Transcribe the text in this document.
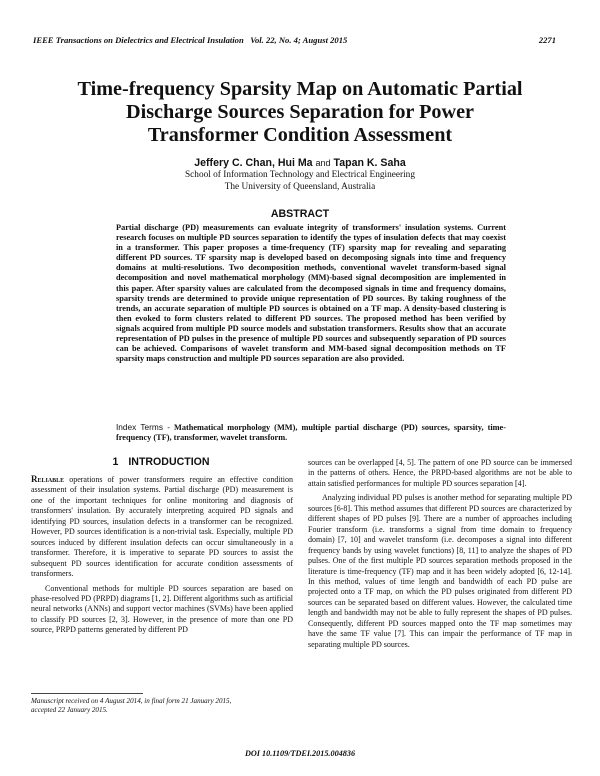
IEEE Transactions on Dielectrics and Electrical Insulation Vol. 22, No. 4; August 2015	2271
Time-frequency Sparsity Map on Automatic Partial
Discharge Sources Separation for Power
Transformer Condition Assessment
Jeffery C. Chan, Hui Ma and Tapan K. Saha
School of Information Technology and Electrical Engineering
The University of Queensland, Australia
ABSTRACT
Partial discharge (PD) measurements can evaluate integrity of transformers' insulation systems. Current research focuses on multiple PD sources separation to identify the types of insulation defects that may coexist in a transformer. This paper proposes a time-frequency (TF) sparsity map for revealing and separating different PD sources. TF sparsity map is developed based on decomposing signals into time and frequency domains at multi-resolutions. Two decomposition methods, conventional wavelet transform-based signal decomposition and novel mathematical morphology (MM)-based signal decomposition are implemented in this paper. After sparsity values are calculated from the decomposed signals in time and frequency domains, sparsity trends are determined to provide unique representation of PD sources. By taking roughness of the trends, an accurate separation of multiple PD sources is obtained on a TF map. A density-based clustering is then evoked to form clusters related to different PD sources. The proposed method has been verified by signals acquired from multiple PD source models and substation transformers. Results show that an accurate representation of PD pulses in the presence of multiple PD sources and subsequently separation of PD sources can be achieved. Comparisons of wavelet transform and MM-based signal decomposition methods on TF sparsity maps construction and multiple PD sources separation are also provided.
Index Terms - Mathematical morphology (MM), multiple partial discharge (PD) sources, sparsity, time-frequency (TF), transformer, wavelet transform.
1 INTRODUCTION

Reliable operations of power transformers require an effective condition assessment of their insulation systems. Partial discharge (PD) measurement is one of the important techniques for online monitoring and diagnosis of transformers' insulation. By accurately interpreting acquired PD signals and identifying PD sources, insulation defects in a transformer can be recognized. However, PD sources identification is a non-trivial task. Especially, multiple PD sources induced by different insulation defects can occur simultaneously in a transformer. Therefore, it is imperative to separate PD sources to assist the subsequent PD sources identification for accurate condition assessments of transformers.

Conventional methods for multiple PD sources separation are based on phase-resolved PD (PRPD) diagrams [1, 2]. Different algorithms such as artificial neural networks (ANNs) and support vector machines (SVMs) have been applied to classify PD sources [2, 3]. However, in the presence of more than one PD source, PRPD patterns generated by different PD

sources can be overlapped [4, 5]. The pattern of one PD source can be immersed in the patterns of others. Hence, the PRPD-based algorithms are not be able to attain satisfied performances for multiple PD sources separation [4].

Analyzing individual PD pulses is another method for separating multiple PD sources [6-8]. This method assumes that different PD sources are characterized by different shapes of PD pulses [9]. There are a number of approaches including Fourier transform (i.e. transforms a signal from time domain to frequency domain) [7, 10] and wavelet transform (i.e. decomposes a signal into different frequency bands by using wavelet functions) [8, 11] to analyze the shapes of PD pulses. One of the first multiple PD sources separation methods proposed in the literature is time-frequency (TF) map and it has been widely adopted [6, 12-14]. In this method, values of time length and bandwidth of each PD pulse are projected onto a TF map, on which the PD pulses originated from different PD sources can be separated based on different values. However, the calculated time length and bandwidth may not be able to fully represent the shapes of PD pulses. Consequently, different PD sources mapped onto the TF map sometimes may have the same TF value [7]. This can impair the performance of TF map in separating multiple PD sources.

Manuscript received on 4 August 2014, in final form 21 January 2015,
accepted 22 January 2015.
DOI 10.1109/TDEI.2015.004836
